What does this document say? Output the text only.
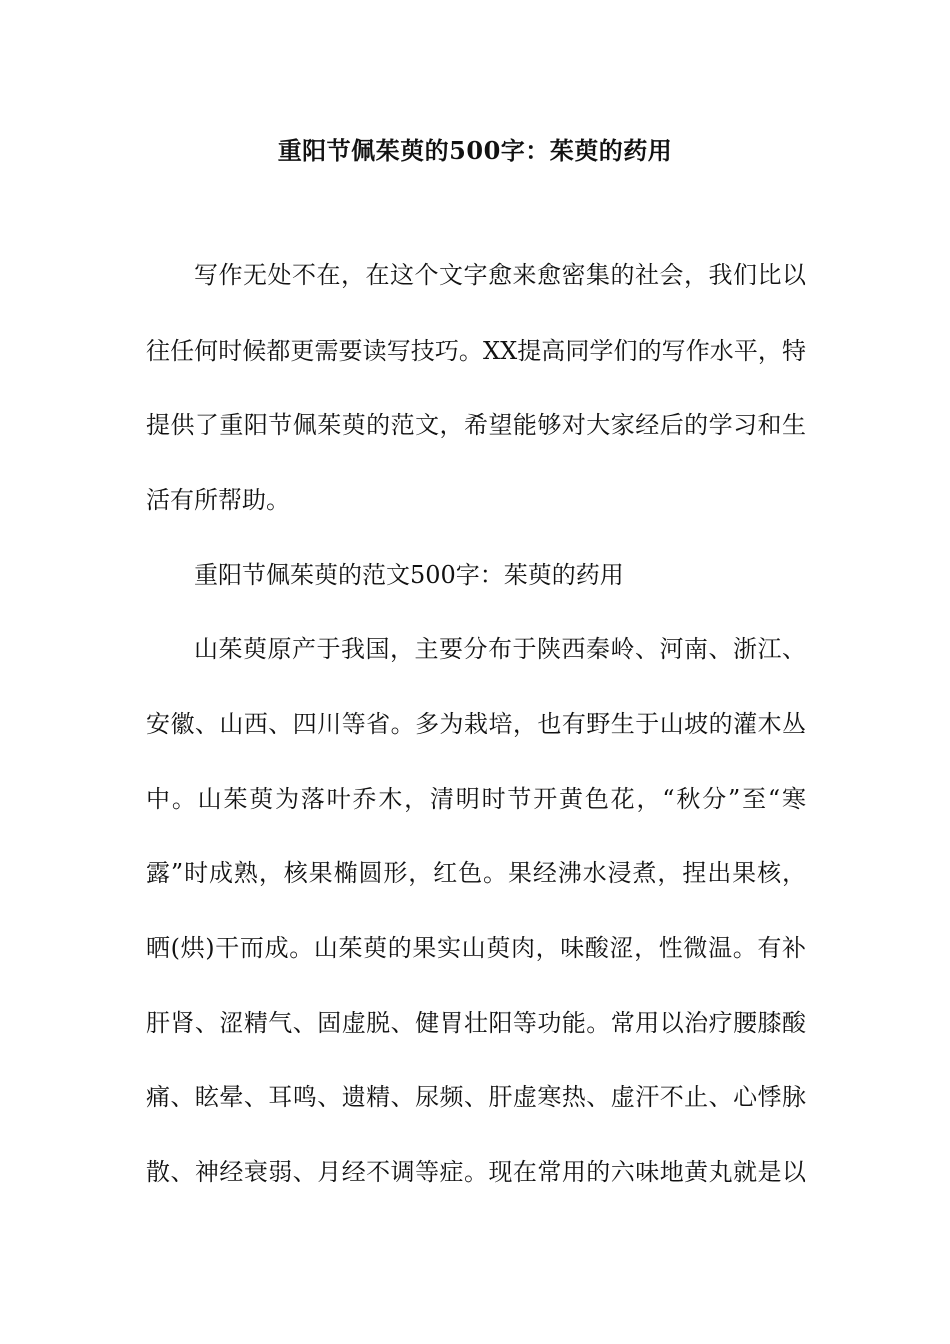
重阳节佩茱萸的500字：茱萸的药用
写作无处不在，在这个文字愈来愈密集的社会，我们比以
往任何时候都更需要读写技巧。XX提高同学们的写作水平，特
提供了重阳节佩茱萸的范文，希望能够对大家经后的学习和生
活有所帮助。
重阳节佩茱萸的范文500字：茱萸的药用
山茱萸原产于我国，主要分布于陕西秦岭、河南、浙江、
安徽、山西、四川等省。多为栽培，也有野生于山坡的灌木丛
中。山茱萸为落叶乔木，清明时节开黄色花，“秋分”至“寒
露”时成熟，核果椭圆形，红色。果经沸水浸煮，捏出果核，
晒(烘)干而成。山茱萸的果实山萸肉，味酸涩，性微温。有补
肝肾、涩精气、固虚脱、健胃壮阳等功能。常用以治疗腰膝酸
痛、眩晕、耳鸣、遗精、尿频、肝虚寒热、虚汗不止、心悸脉
散、神经衰弱、月经不调等症。现在常用的六味地黄丸就是以
